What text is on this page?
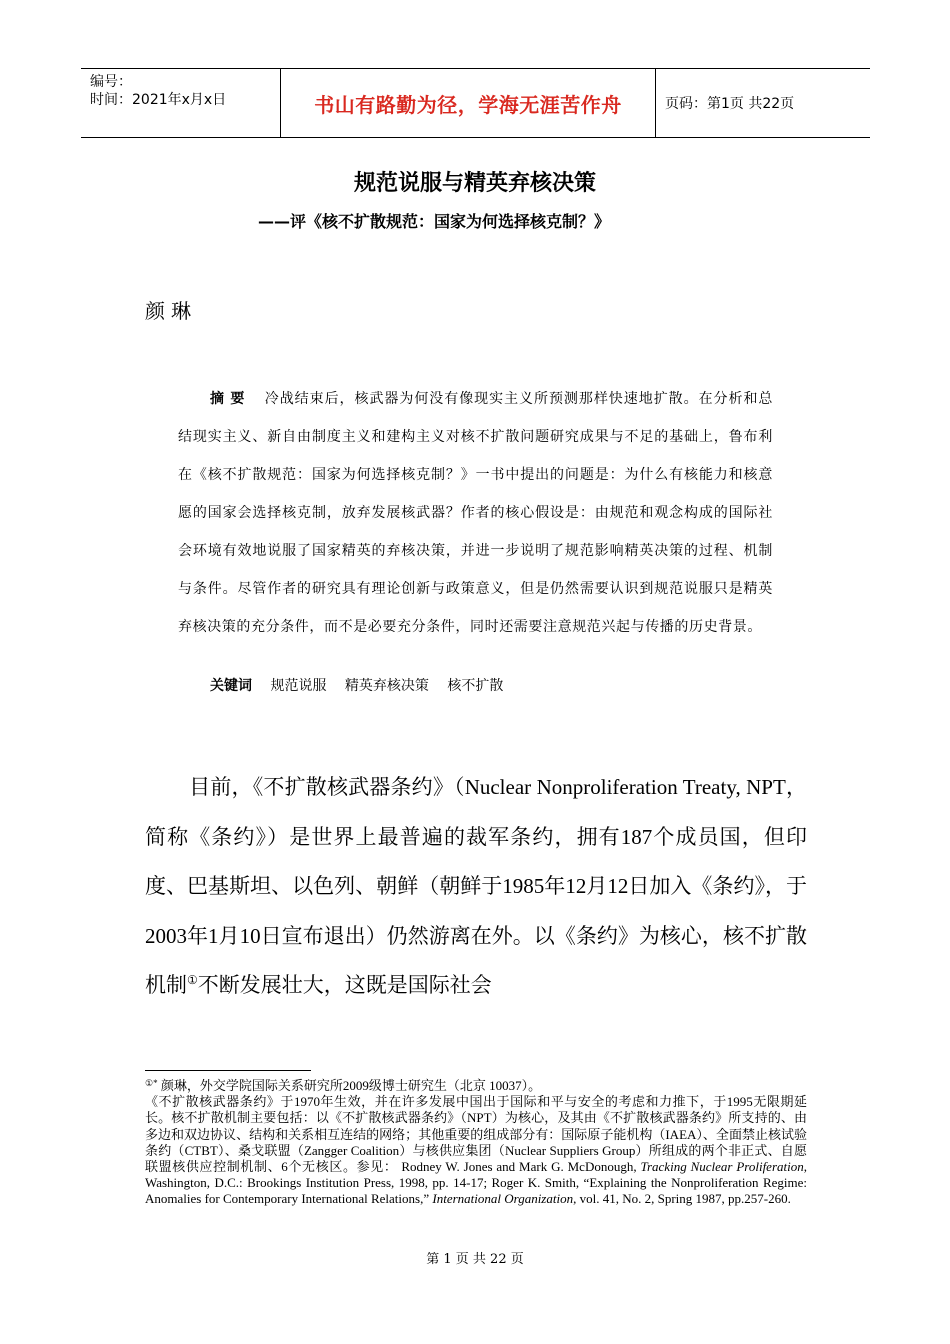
编号：
时间：2021年x月x日	书山有路勤为径，学海无涯苦作舟	页码：第1页 共22页
规范说服与精英弃核决策
——评《核不扩散规范：国家为何选择核克制？》
颜琳
摘要 冷战结束后，核武器为何没有像现实主义所预测那样快速地扩散。在分析和总结现实主义、新自由制度主义和建构主义对核不扩散问题研究成果与不足的基础上，鲁布利在《核不扩散规范：国家为何选择核克制？》一书中提出的问题是：为什么有核能力和核意愿的国家会选择核克制，放弃发展核武器？作者的核心假设是：由规范和观念构成的国际社会环境有效地说服了国家精英的弃核决策，并进一步说明了规范影响精英决策的过程、机制与条件。尽管作者的研究具有理论创新与政策意义，但是仍然需要认识到规范说服只是精英弃核决策的充分条件，而不是必要充分条件，同时还需要注意规范兴起与传播的历史背景。
关键词 规范说服 精英弃核决策 核不扩散
目前，《不扩散核武器条约》（Nuclear Nonproliferation Treaty, NPT，简称《条约》）是世界上最普遍的裁军条约，拥有187个成员国，但印度、巴基斯坦、以色列、朝鲜（朝鲜于1985年12月12日加入《条约》，于2003年1月10日宣布退出）仍然游离在外。以《条约》为核心，核不扩散机制①不断发展壮大，这既是国际社会

①* 颜琳，外交学院国际关系研究所2009级博士研究生（北京 10037）。

《不扩散核武器条约》于1970年生效，并在许多发展中国出于国际和平与安全的考虑和力推下，于1995无限期延长。核不扩散机制主要包括：以《不扩散核武器条约》（NPT）为核心，及其由《不扩散核武器条约》所支持的、由多边和双边协议、结构和关系相互连结的网络；其他重要的组成部分有：国际原子能机构（IAEA）、全面禁止核试验条约（CTBT）、桑戈联盟（Zangger Coalition）与核供应集团（Nuclear Suppliers Group）所组成的两个非正式、自愿联盟核供应控制机制、6个无核区。参见： Rodney W. Jones and Mark G. McDonough, Tracking Nuclear Proliferation, Washington, D.C.: Brookings Institution Press, 1998, pp. 14-17; Roger K. Smith, “Explaining the Nonproliferation Regime: Anomalies for Contemporary International Relations,” International Organization, vol. 41, No. 2, Spring 1987, pp.257-260.

第 1 页 共 22 页
